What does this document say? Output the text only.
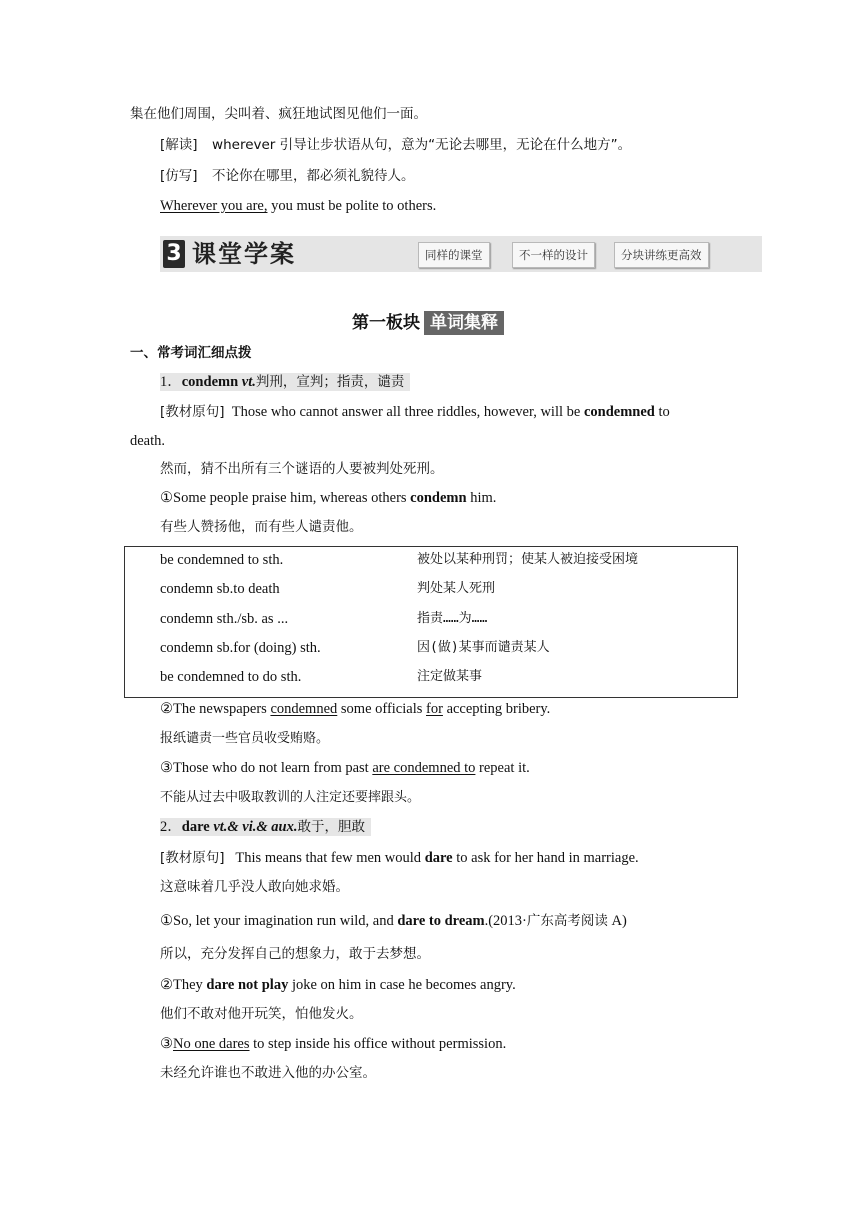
集在他们周围，尖叫着、疯狂地试图见他们一面。
[解读] wherever 引导让步状语从句，意为“无论去哪里，无论在什么地方”。
[仿写] 不论你在哪里，都必须礼貌待人。
Wherever you are, you must be polite to others.
3 课堂学案	同样的课堂	不一样的设计	分块讲练更高效
第一板块 单词集释
一、常考词汇细点拨
1．condemn vt.判刑，宣判；指责，谴责
[教材原句] Those who cannot answer all three riddles, however, will be condemned to
death.
然而，猜不出所有三个谜语的人要被判处死刑。
①Some people praise him, whereas others condemn him.
有些人赞扬他，而有些人谴责他。
be condemned to sth.	被处以某种刑罚；使某人被迫接受困境
condemn sb.to death	判处某人死刑
condemn sth./sb. as ...	指责……为……
condemn sb.for (doing) sth.	因(做)某事而谴责某人
be condemned to do sth.	注定做某事
②The newspapers condemned some officials for accepting bribery.
报纸谴责一些官员收受贿赂。
③Those who do not learn from past are condemned to repeat it.
不能从过去中吸取教训的人注定还要摔跟头。
2．dare vt.& vi.& aux.敢于，胆敢
[教材原句] This means that few men would dare to ask for her hand in marriage.
这意味着几乎没人敢向她求婚。
①So, let your imagination run wild, and dare to dream.(2013·广东高考阅读 A)
所以，充分发挥自己的想象力，敢于去梦想。
②They dare not play joke on him in case he becomes angry.
他们不敢对他开玩笑，怕他发火。
③No one dares to step inside his office without permission.
未经允许谁也不敢进入他的办公室。
